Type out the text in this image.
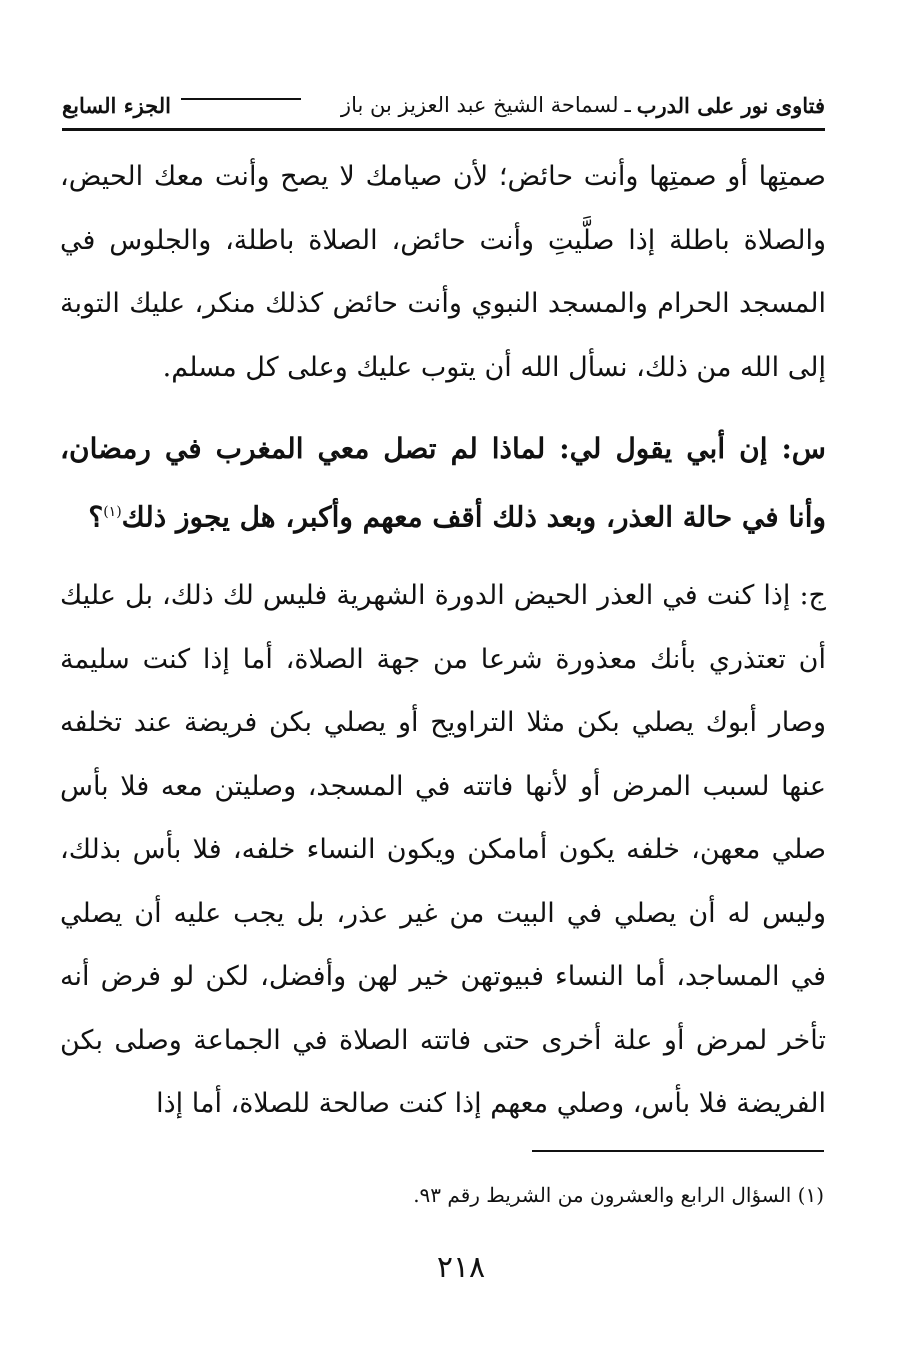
فتاوى نور على الدرب
ـ
لسماحة الشيخ عبد العزيز بن باز
الجزء السابع

صمتِها أو صمتِها وأنت حائض؛ لأن صيامك لا يصح وأنت معك الحيض، والصلاة باطلة إذا صلَّيتِ وأنت حائض، الصلاة باطلة، والجلوس في المسجد الحرام والمسجد النبوي وأنت حائض كذلك منكر، عليك التوبة إلى الله من ذلك، نسأل الله أن يتوب عليك وعلى كل مسلم.

س: إن أبي يقول لي: لماذا لم تصل معي المغرب في رمضان، وأنا في حالة العذر، وبعد ذلك أقف معهم وأكبر، هل يجوز ذلك$^{(١)}$؟

ج: إذا كنت في العذر الحيض الدورة الشهرية فليس لك ذلك، بل عليك أن تعتذري بأنك معذورة شرعا من جهة الصلاة، أما إذا كنت سليمة وصار أبوك يصلي بكن مثلا التراويح أو يصلي بكن فريضة عند تخلفه عنها لسبب المرض أو لأنها فاتته في المسجد، وصليتن معه فلا بأس صلي معهن، خلفه يكون أمامكن ويكون النساء خلفه، فلا بأس بذلك، وليس له أن يصلي في البيت من غير عذر، بل يجب عليه أن يصلي في المساجد، أما النساء فبيوتهن خير لهن وأفضل، لكن لو فرض أنه تأخر لمرض أو علة أخرى حتى فاتته الصلاة في الجماعة وصلى بكن الفريضة فلا بأس، وصلي معهم إذا كنت صالحة للصلاة، أما إذا

(١) السؤال الرابع والعشرون من الشريط رقم ٩٣.
٢١٨
